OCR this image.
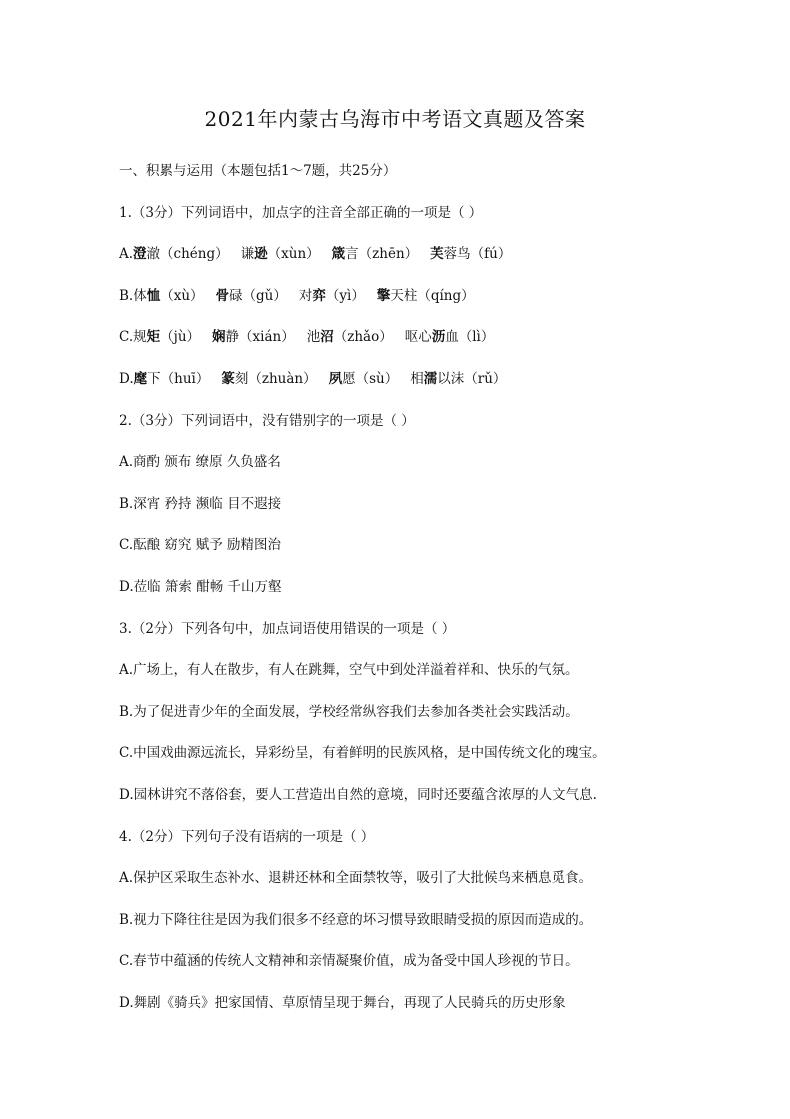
2021年内蒙古乌海市中考语文真题及答案
一、积累与运用（本题包括1～7题，共25分）
1.（3分）下列词语中，加点字的注音全部正确的一项是（ ）
A.澄澈（chéng） 谦逊（xùn） 箴言（zhēn） 芙蓉鸟（fú）
B.体恤（xù） 骨碌（gǔ） 对弈（yì） 擎天柱（qíng）
C.规矩（jù） 娴静（xián） 池沼（zhǎo） 呕心沥血（lì）
D.麾下（huī） 篆刻（zhuàn） 夙愿（sù） 相濡以沫（rǔ）
2.（3分）下列词语中，没有错别字的一项是（ ）
A.商酌 颁布 缭原 久负盛名
B.深宵 矜持 濒临 目不遐接
C.酝酿 窈究 赋予 励精图治
D.莅临 箫索 酣畅 千山万壑
3.（2分）下列各句中，加点词语使用错误的一项是（ ）
A.广场上，有人在散步，有人在跳舞，空气中到处洋溢着祥和、快乐的气氛。
B.为了促进青少年的全面发展，学校经常纵容我们去参加各类社会实践活动。
C.中国戏曲源远流长，异彩纷呈，有着鲜明的民族风格，是中国传统文化的瑰宝。
D.园林讲究不落俗套，要人工营造出自然的意境，同时还要蕴含浓厚的人文气息.
4.（2分）下列句子没有语病的一项是（ ）
A.保护区采取生态补水、退耕还林和全面禁牧等，吸引了大批候鸟来栖息觅食。
B.视力下降往往是因为我们很多不经意的坏习惯导致眼睛受损的原因而造成的。
C.春节中蕴涵的传统人文精神和亲情凝聚价值，成为备受中国人珍视的节日。
D.舞剧《骑兵》把家国情、草原情呈现于舞台，再现了人民骑兵的历史形象
